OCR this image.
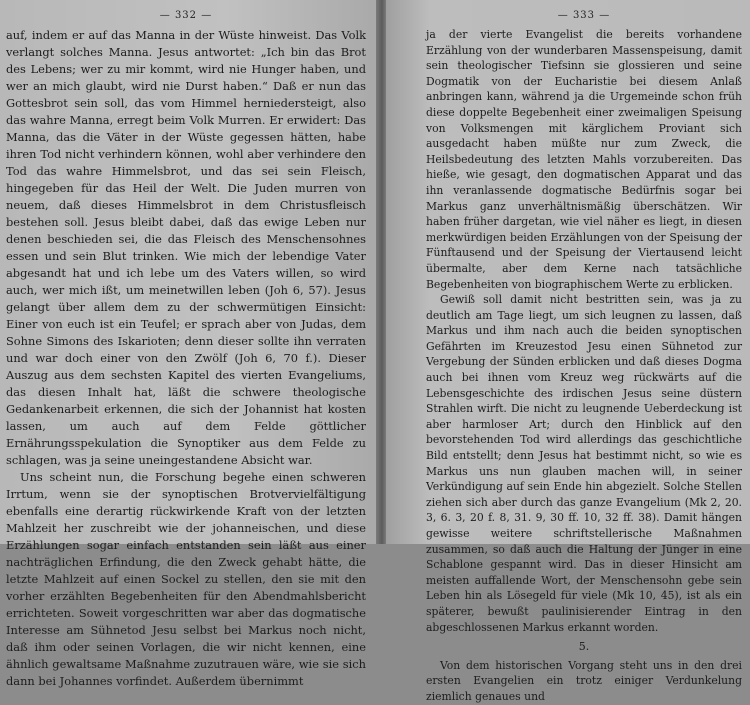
— 332 —

auf, indem er auf das Manna in der Wüste hinweist. Das Volk verlangt solches Manna. Jesus antwortet: „Ich bin das Brot des Lebens; wer zu mir kommt, wird nie Hunger haben, und wer an mich glaubt, wird nie Durst haben.“ Daß er nun das Gottesbrot sein soll, das vom Himmel herniedersteigt, also das wahre Manna, erregt beim Volk Murren. Er erwidert: Das Manna, das die Väter in der Wüste gegessen hätten, habe ihren Tod nicht verhindern können, wohl aber verhindere den Tod das wahre Himmelsbrot, und das sei sein Fleisch, hingegeben für das Heil der Welt. Die Juden murren von neuem, daß dieses Himmelsbrot in dem Christusfleisch bestehen soll. Jesus bleibt dabei, daß das ewige Leben nur denen beschieden sei, die das Fleisch des Menschensohnes essen und sein Blut trinken. Wie mich der lebendige Vater abgesandt hat und ich lebe um des Vaters willen, so wird auch, wer mich ißt, um meinetwillen leben (Joh 6, 57). Jesus gelangt über allem dem zu der schwermütigen Einsicht: Einer von euch ist ein Teufel; er sprach aber von Judas, dem Sohne Simons des Iskarioten; denn dieser sollte ihn verraten und war doch einer von den Zwölf (Joh 6, 70 f.). Dieser Auszug aus dem sechsten Kapitel des vierten Evangeliums, das diesen Inhalt hat, läßt die schwere theologische Gedankenarbeit erkennen, die sich der Johannist hat kosten lassen, um auch auf dem Felde göttlicher Ernährungsspekulation die Synoptiker aus dem Felde zu schlagen, was ja seine uneingestandene Absicht war.

Uns scheint nun, die Forschung begehe einen schweren Irrtum, wenn sie der synoptischen Brotvervielfältigung ebenfalls eine derartig rückwirkende Kraft von der letzten Mahlzeit her zuschreibt wie der johanneischen, und diese Erzählungen sogar einfach entstanden sein läßt aus einer nachträglichen Erfindung, die den Zweck gehabt hätte, die letzte Mahlzeit auf einen Sockel zu stellen, den sie mit den vorher erzählten Begebenheiten für den Abendmahlsbericht errichteten. Soweit vorgeschritten war aber das dogmatische Interesse am Sühnetod Jesu selbst bei Markus noch nicht, daß ihm oder seinen Vorlagen, die wir nicht kennen, eine ähnlich gewaltsame Maßnahme zuzutrauen wäre, wie sie sich dann bei Johannes vorfindet. Außerdem übernimmt

— 333 —

ja der vierte Evangelist die bereits vorhandene Erzählung von der wunderbaren Massenspeisung, damit sein theologischer Tiefsinn sie glossieren und seine Dogmatik von der Eucharistie bei diesem Anlaß anbringen kann, während ja die Urgemeinde schon früh diese doppelte Begebenheit einer zweimaligen Speisung von Volksmengen mit kärglichem Proviant sich ausgedacht haben müßte nur zum Zweck, die Heilsbedeutung des letzten Mahls vorzubereiten. Das hieße, wie gesagt, den dogmatischen Apparat und das ihn veranlassende dogmatische Bedürfnis sogar bei Markus ganz unverhältnismäßig überschätzen. Wir haben früher dargetan, wie viel näher es liegt, in diesen merkwürdigen beiden Erzählungen von der Speisung der Fünftausend und der Speisung der Viertausend leicht übermalte, aber dem Kerne nach tatsächliche Begebenheiten von biographischem Werte zu erblicken.

Gewiß soll damit nicht bestritten sein, was ja zu deutlich am Tage liegt, um sich leugnen zu lassen, daß Markus und ihm nach auch die beiden synoptischen Gefährten im Kreuzestod Jesu einen Sühnetod zur Vergebung der Sünden erblicken und daß dieses Dogma auch bei ihnen vom Kreuz weg rückwärts auf die Lebensgeschichte des irdischen Jesus seine düstern Strahlen wirft. Die nicht zu leugnende Ueberdeckung ist aber harmloser Art; durch den Hinblick auf den bevorstehenden Tod wird allerdings das geschichtliche Bild entstellt; denn Jesus hat bestimmt nicht, so wie es Markus uns nun glauben machen will, in seiner Verkündigung auf sein Ende hin abgezielt. Solche Stellen ziehen sich aber durch das ganze Evangelium (Mk 2, 20. 3, 6. 3, 20 f. 8, 31. 9, 30 ff. 10, 32 ff. 38). Damit hängen gewisse weitere schriftstellerische Maßnahmen zusammen, so daß auch die Haltung der Jünger in eine Schablone gespannt wird. Das in dieser Hinsicht am meisten auffallende Wort, der Menschensohn gebe sein Leben hin als Lösegeld für viele (Mk 10, 45), ist als ein späterer, bewußt paulinisierender Eintrag in den abgeschlossenen Markus erkannt worden.

5.

Von dem historischen Vorgang steht uns in den drei ersten Evangelien ein trotz einiger Verdunkelung ziemlich genaues und
